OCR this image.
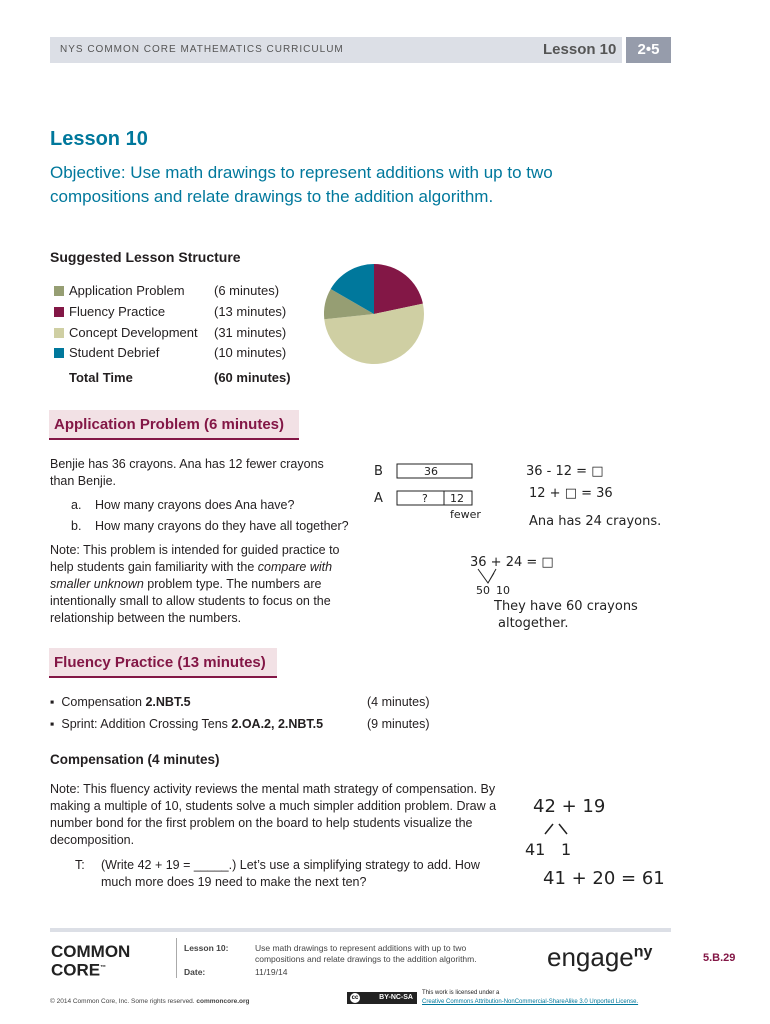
NYS COMMON CORE MATHEMATICS CURRICULUM	Lesson 10	2•5
Lesson 10
Objective: Use math drawings to represent additions with up to two compositions and relate drawings to the addition algorithm.
Suggested Lesson Structure
Application Problem (6 minutes)
Fluency Practice	(13 minutes)
Concept Development (31 minutes)
Student Debrief	(10 minutes)
Total Time	(60 minutes)
Application Problem (6 minutes)
Benjie has 36 crayons. Ana has 12 fewer crayons than Benjie.
a. How many crayons does Ana have?
b. How many crayons do they have all together?
Note: This problem is intended for guided practice to help students gain familiarity with the compare with smaller unknown problem type. The numbers are intentionally small to allow students to focus on the relationship between the numbers.
B
A
36
? 12
fewer
36 - 12 = □
12 + □ = 36
Ana has 24 crayons.
36 + 24 = □
50 10
They have 60 crayons
altogether.
Fluency Practice (13 minutes)
▪  Compensation 2.NBT.5	(4 minutes)
▪  Sprint: Addition Crossing Tens 2.OA.2, 2.NBT.5	(9 minutes)
Compensation (4 minutes)
Note: This fluency activity reviews the mental math strategy of compensation. By making a multiple of 10, students solve a much simpler addition problem. Draw a number bond for the first problem on the board to help students visualize the decomposition.
T: (Write 42 + 19 = _____.) Let’s use a simplifying strategy to add. How much more does 19 need to make the next ten?
42 + 19
41 1
41 + 20 = 61
COMMON
CORE™
Lesson 10:
Date:
Use math drawings to represent additions with up to two compositions and relate drawings to the addition algorithm.
11/19/14	engage$^{ny}$	5.B.29
© 2014 Common Core, Inc. Some rights reserved. commoncore.org	cc	BY-NC-SA
This work is licensed under a
Creative Commons Attribution-NonCommercial-ShareAlike 3.0 Unported License.
